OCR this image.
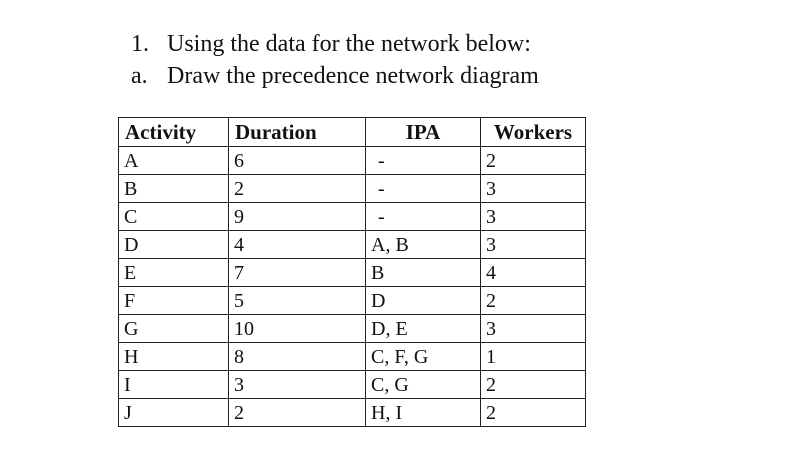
1. Using the data for the network below:
a. Draw the precedence network diagram
Activity	Duration	IPA	Workers
A	6	-	2
B	2	-	3
C	9	-	3
D	4	A, B	3
E	7	B	4
F	5	D	2
G	10	D, E	3
H	8	C, F, G	1
I	3	C, G	2
J	2	H, I	2
